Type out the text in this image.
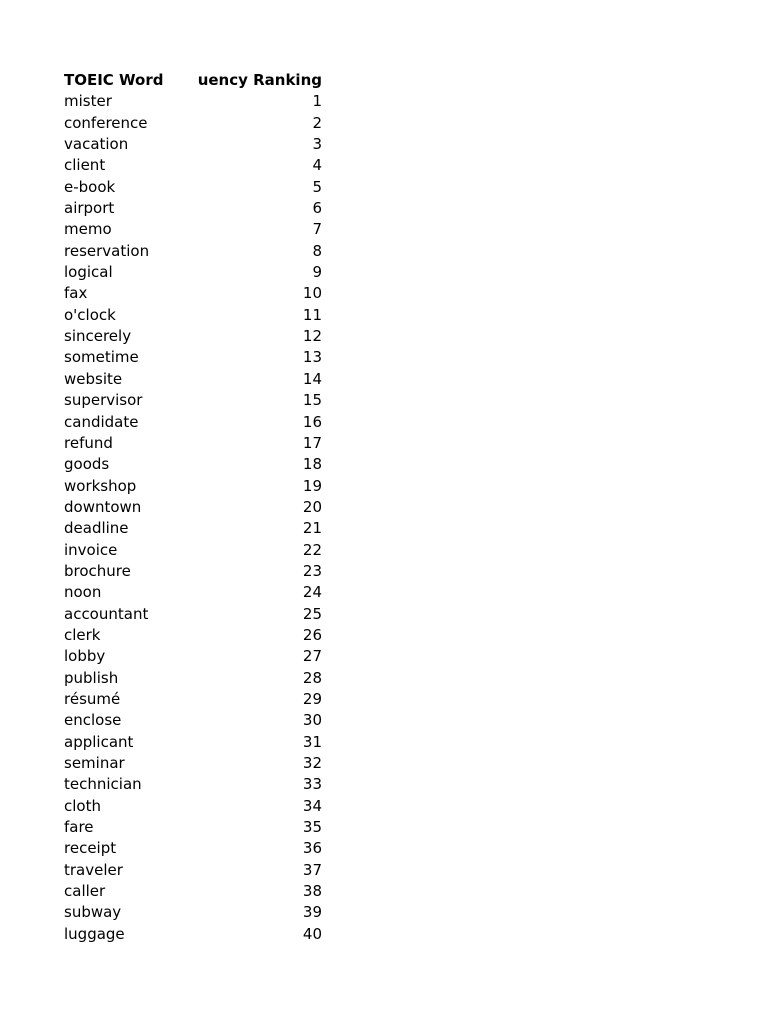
TOEIC Word	uency Ranking
mister	1
conference	2
vacation	3
client	4
e-book	5
airport	6
memo	7
reservation	8
logical	9
fax	10
o'clock	11
sincerely	12
sometime	13
website	14
supervisor	15
candidate	16
refund	17
goods	18
workshop	19
downtown	20
deadline	21
invoice	22
brochure	23
noon	24
accountant	25
clerk	26
lobby	27
publish	28
résumé	29
enclose	30
applicant	31
seminar	32
technician	33
cloth	34
fare	35
receipt	36
traveler	37
caller	38
subway	39
luggage	40
